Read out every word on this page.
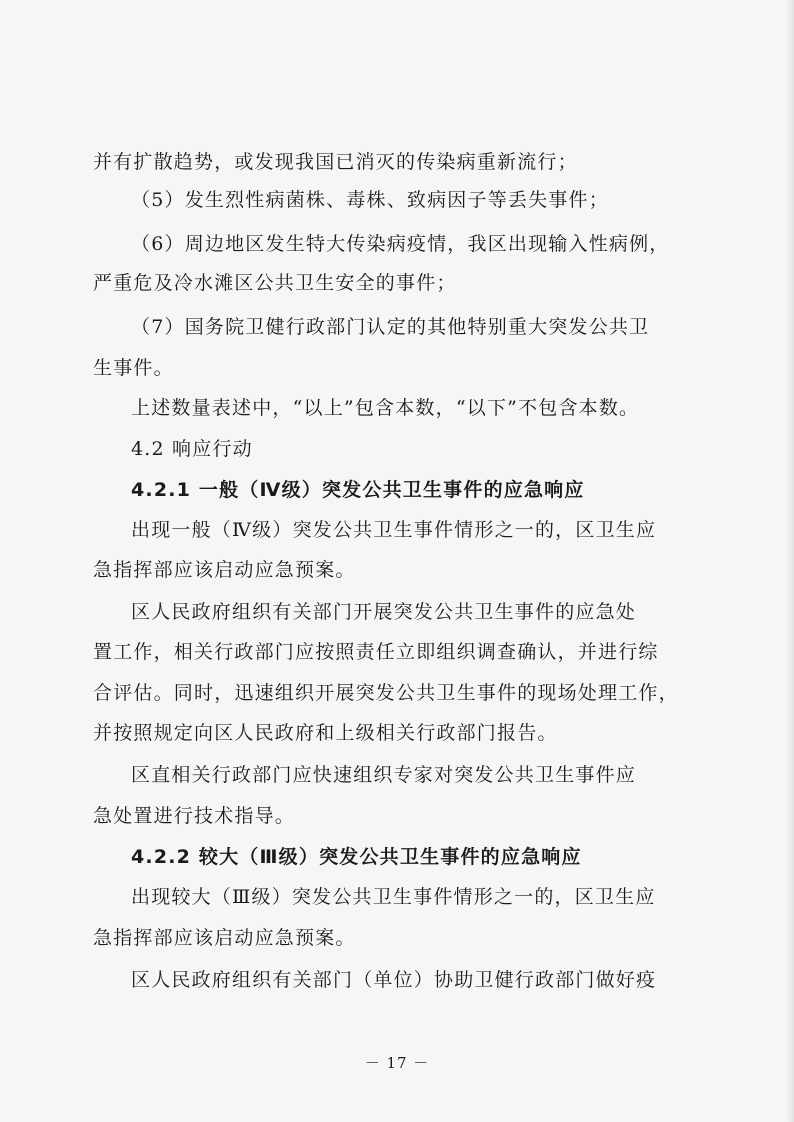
并有扩散趋势，或发现我国已消灭的传染病重新流行；
（5）发生烈性病菌株、毒株、致病因子等丢失事件；
（6）周边地区发生特大传染病疫情，我区出现输入性病例，
严重危及冷水滩区公共卫生安全的事件；
（7）国务院卫健行政部门认定的其他特别重大突发公共卫
生事件。
上述数量表述中，“以上”包含本数，“以下”不包含本数。
4.2 响应行动
4.2.1 一般（Ⅳ级）突发公共卫生事件的应急响应
出现一般（Ⅳ级）突发公共卫生事件情形之一的，区卫生应
急指挥部应该启动应急预案。
区人民政府组织有关部门开展突发公共卫生事件的应急处
置工作，相关行政部门应按照责任立即组织调查确认，并进行综
合评估。同时，迅速组织开展突发公共卫生事件的现场处理工作，
并按照规定向区人民政府和上级相关行政部门报告。
区直相关行政部门应快速组织专家对突发公共卫生事件应
急处置进行技术指导。
4.2.2 较大（Ⅲ级）突发公共卫生事件的应急响应
出现较大（Ⅲ级）突发公共卫生事件情形之一的，区卫生应
急指挥部应该启动应急预案。
区人民政府组织有关部门（单位）协助卫健行政部门做好疫
－ 17 －
